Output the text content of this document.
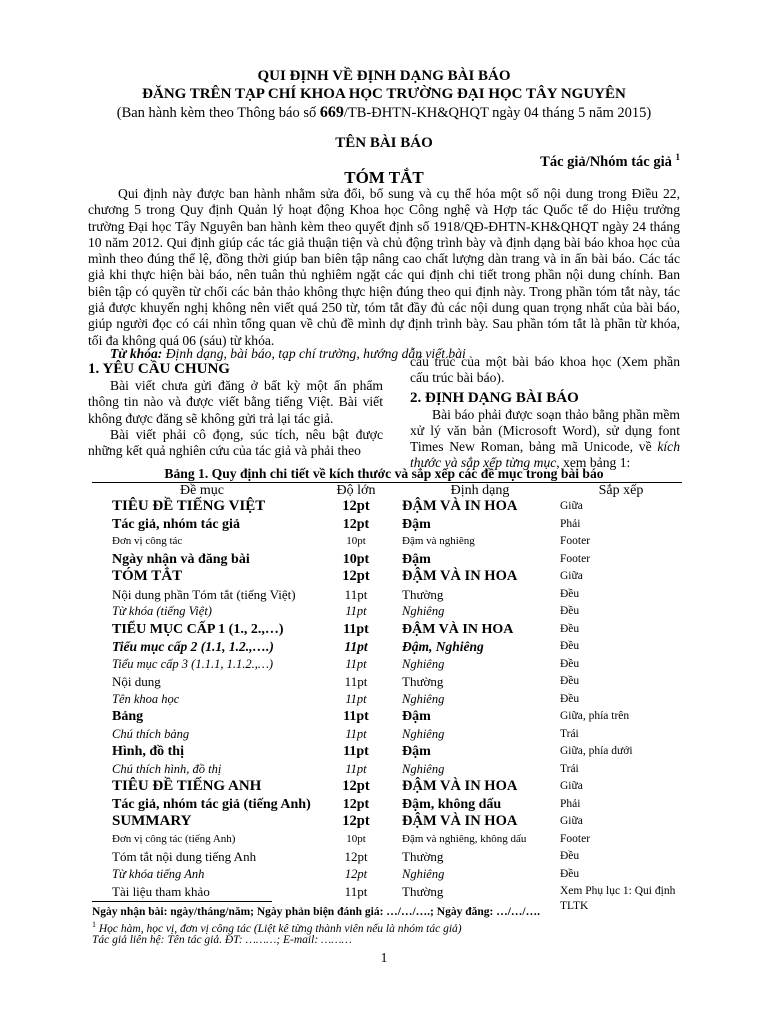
QUI ĐỊNH VỀ ĐỊNH DẠNG BÀI BÁO
ĐĂNG TRÊN TẠP CHÍ KHOA HỌC TRƯỜNG ĐẠI HỌC TÂY NGUYÊN
(Ban hành kèm theo Thông báo số 669/TB-ĐHTN-KH&QHQT ngày 04 tháng 5 năm 2015)
TÊN BÀI BÁO
Tác giả/Nhóm tác giả $^1$
TÓM TẮT

Qui định này được ban hành nhằm sửa đổi, bổ sung và cụ thể hóa một số nội dung trong Điều 22, chương 5 trong Quy định Quản lý hoạt động Khoa học Công nghệ và Hợp tác Quốc tế do Hiệu trưởng trường Đại học Tây Nguyên ban hành kèm theo quyết định số 1918/QĐ-ĐHTN-KH&QHQT ngày 24 tháng 10 năm 2012. Qui định giúp các tác giả thuận tiện và chủ động trình bày và định dạng bài báo khoa học của mình theo đúng thể lệ, đồng thời giúp ban biên tập nâng cao chất lượng dàn trang và in ấn bài báo. Các tác giả khi thực hiện bài báo, nên tuân thủ nghiêm ngặt các qui định chi tiết trong phần nội dung chính. Ban biên tập có quyền từ chối các bản thảo không thực hiện đúng theo qui định này. Trong phần tóm tắt này, tác giả được khuyến nghị không nên viết quá 250 từ, tóm tắt đầy đủ các nội dung quan trọng nhất của bài báo, giúp người đọc có cái nhìn tổng quan về chủ đề mình dự định trình bày. Sau phần tóm tắt là phần từ khóa, tối đa không quá 06 (sáu) từ khóa.

Từ khóa: Định dạng, bài báo, tạp chí trường, hướng dẫn viết bài
1. YÊU CẦU CHUNG

Bài viết chưa gửi đăng ở bất kỳ một ấn phẩm thông tin nào và được viết bằng tiếng Việt. Bài viết không được đăng sẽ không gửi trả lại tác giả.

Bài viết phải cô đọng, súc tích, nêu bật được những kết quả nghiên cứu của tác giả và phải theo

cấu trúc của một bài báo khoa học (Xem phần cấu trúc bài báo).

2. ĐỊNH DẠNG BÀI BÁO

Bài báo phải được soạn thảo bằng phần mềm xử lý văn bản (Microsoft Word), sử dụng font Times New Roman, bảng mã Unicode, về kích thước và sắp xếp từng mục, xem bảng 1:

Bảng 1. Quy định chi tiết về kích thước và sắp xếp các đề mục trong bài báo
Đề mục	Độ lớn	Định dạng	Sắp xếp
TIÊU ĐỀ TIẾNG VIỆT	12pt	ĐẬM VÀ IN HOA	Giữa
Tác giả, nhóm tác giả	12pt	Đậm	Phải
Đơn vị công tác	10pt	Đậm và nghiêng	Footer
Ngày nhận và đăng bài	10pt	Đậm	Footer
TÓM TẮT	12pt	ĐẬM VÀ IN HOA	Giữa
Nội dung phần Tóm tắt (tiếng Việt)	11pt	Thường	Đều
Từ khóa (tiếng Việt)	11pt	Nghiêng	Đều
TIỂU MỤC CẤP 1 (1., 2.,…)	11pt	ĐẬM VÀ IN HOA	Đều
Tiểu mục cấp 2 (1.1, 1.2.,….)	11pt	Đậm, Nghiêng	Đều
Tiểu mục cấp 3 (1.1.1, 1.1.2.,…)	11pt	Nghiêng	Đều
Nội dung	11pt	Thường	Đều
Tên khoa học	11pt	Nghiêng	Đều
Bảng	11pt	Đậm	Giữa, phía trên
Chú thích bảng	11pt	Nghiêng	Trái
Hình, đồ thị	11pt	Đậm	Giữa, phía dưới
Chú thích hình, đồ thị	11pt	Nghiêng	Trái
TIÊU ĐỀ TIẾNG ANH	12pt	ĐẬM VÀ IN HOA	Giữa
Tác giả, nhóm tác giả (tiếng Anh)	12pt	Đậm, không dấu	Phải
SUMMARY	12pt	ĐẬM VÀ IN HOA	Giữa
Đơn vị công tác (tiếng Anh)	10pt	Đậm và nghiêng, không dấu	Footer
Tóm tắt nội dung tiếng Anh	12pt	Thường	Đều
Từ khóa tiếng Anh	12pt	Nghiêng	Đều
Tài liệu tham khảo	11pt	Thường	Xem Phụ lục 1: Qui định TLTK
Ngày nhận bài: ngày/tháng/năm; Ngày phản biện đánh giá: …/…/….; Ngày đăng: …/…/….
$^1$ Học hàm, học vị, đơn vị công tác (Liệt kê từng thành viên nếu là nhóm tác giả)
Tác giả liên hệ: Tên tác giả. ĐT: ………; E-mail: ………
1
